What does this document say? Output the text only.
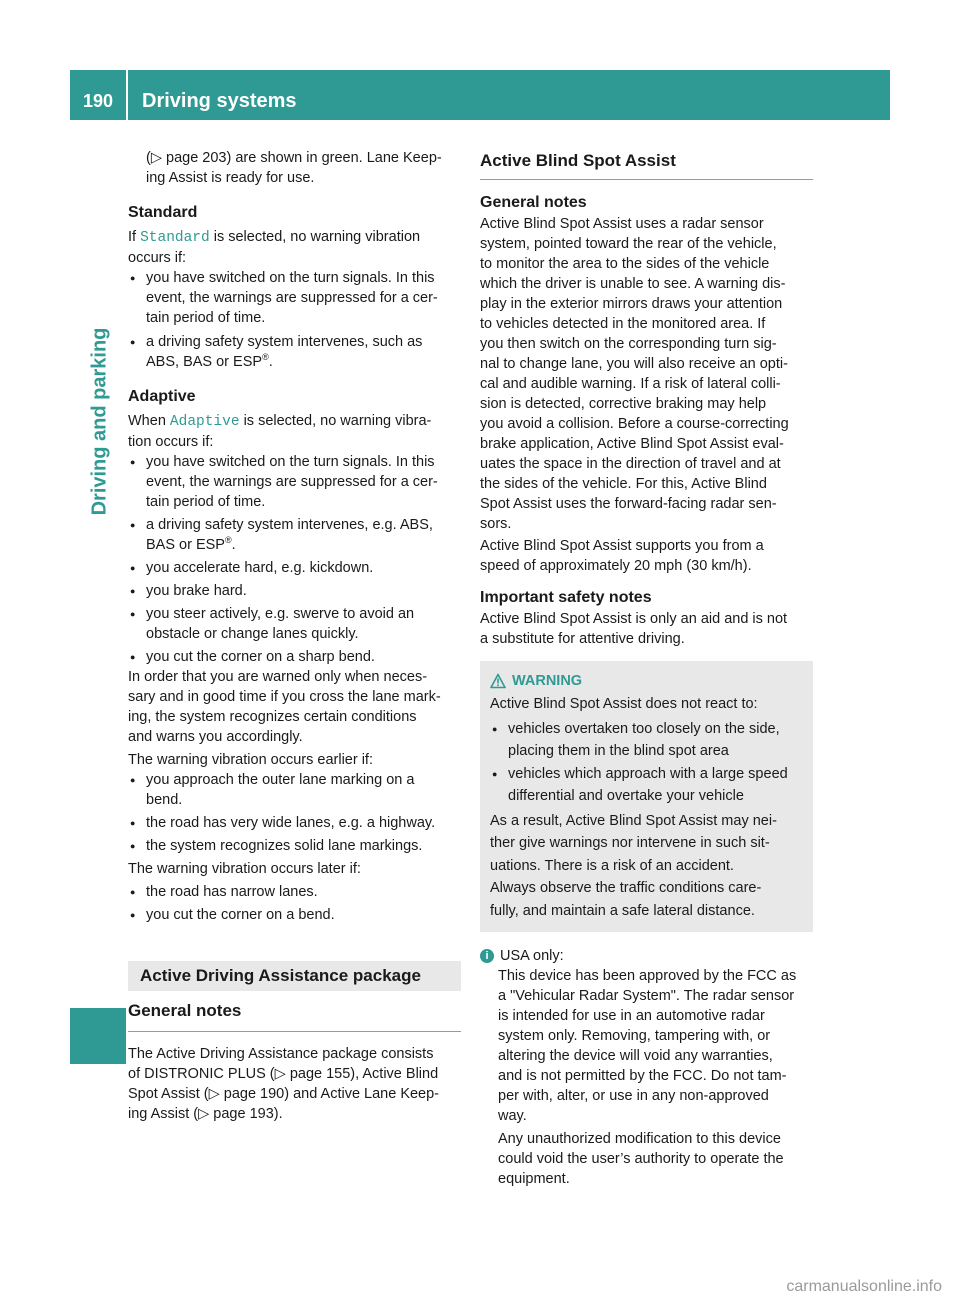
190	Driving systems
Driving and parking

(▷ page 203) are shown in green. Lane Keep-

ing Assist is ready for use.

Standard

If Standard is selected, no warning vibration

occurs if:

● you have switched on the turn signals. In this
event, the warnings are suppressed for a cer-
tain period of time.
● a driving safety system intervenes, such as
ABS, BAS or ESP®.
Adaptive

When Adaptive is selected, no warning vibra-

tion occurs if:

● you have switched on the turn signals. In this
event, the warnings are suppressed for a cer-
tain period of time.
● a driving safety system intervenes, e.g. ABS,
BAS or ESP®.
● you accelerate hard, e.g. kickdown.
● you brake hard.
● you steer actively, e.g. swerve to avoid an
obstacle or change lanes quickly.
● you cut the corner on a sharp bend.

In order that you are warned only when neces-

sary and in good time if you cross the lane mark-

ing, the system recognizes certain conditions

and warns you accordingly.

The warning vibration occurs earlier if:

● you approach the outer lane marking on a
bend.
● the road has very wide lanes, e.g. a highway.
● the system recognizes solid lane markings.

The warning vibration occurs later if:

● the road has narrow lanes.
● you cut the corner on a bend.
Active Driving Assistance package
General notes

The Active Driving Assistance package consists

of DISTRONIC PLUS (▷ page 155), Active Blind

Spot Assist (▷ page 190) and Active Lane Keep-

ing Assist (▷ page 193).

Active Blind Spot Assist
General notes

Active Blind Spot Assist uses a radar sensor

system, pointed toward the rear of the vehicle,

to monitor the area to the sides of the vehicle

which the driver is unable to see. A warning dis-

play in the exterior mirrors draws your attention

to vehicles detected in the monitored area. If

you then switch on the corresponding turn sig-

nal to change lane, you will also receive an opti-

cal and audible warning. If a risk of lateral colli-

sion is detected, corrective braking may help

you avoid a collision. Before a course-correcting

brake application, Active Blind Spot Assist eval-

uates the space in the direction of travel and at

the sides of the vehicle. For this, Active Blind

Spot Assist uses the forward-facing radar sen-

sors.

Active Blind Spot Assist supports you from a

speed of approximately 20 mph (30 km/h).

Important safety notes

Active Blind Spot Assist is only an aid and is not

a substitute for attentive driving.

WARNING

Active Blind Spot Assist does not react to:

● vehicles overtaken too closely on the side,
placing them in the blind spot area
● vehicles which approach with a large speed
differential and overtake your vehicle

As a result, Active Blind Spot Assist may nei-

ther give warnings nor intervene in such sit-

uations. There is a risk of an accident.

Always observe the traffic conditions care-

fully, and maintain a safe lateral distance.

i USA only:

This device has been approved by the FCC as

a "Vehicular Radar System". The radar sensor

is intended for use in an automotive radar

system only. Removing, tampering with, or

altering the device will void any warranties,

and is not permitted by the FCC. Do not tam-

per with, alter, or use in any non-approved

way.

Any unauthorized modification to this device

could void the user’s authority to operate the

equipment.

carmanualsonline.info
